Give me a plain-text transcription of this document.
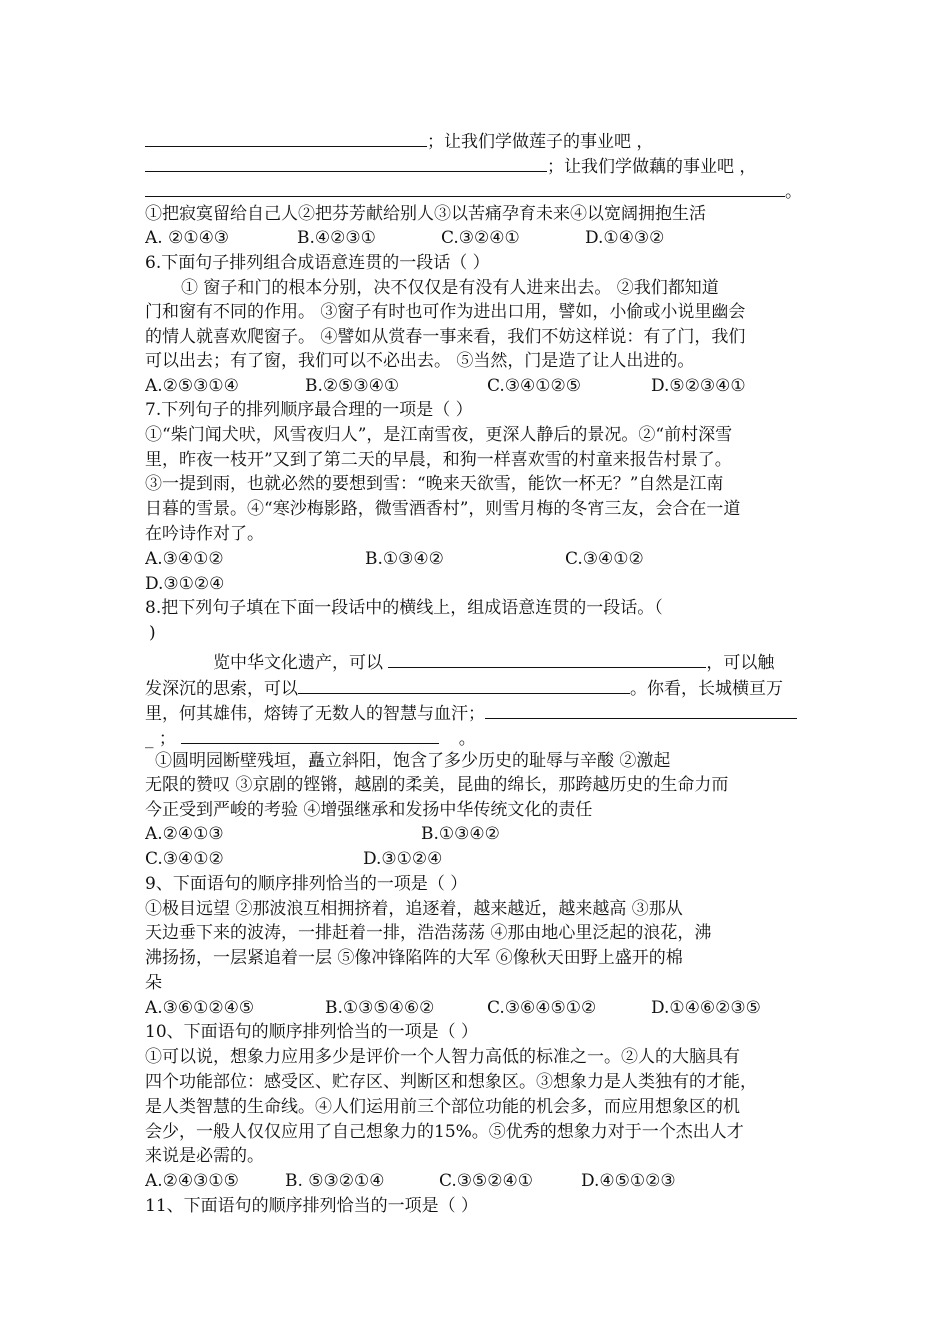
；让我们学做莲子的事业吧 ，
；让我们学做藕的事业吧 ，
。
①把寂寞留给自己人②把芬芳献给别人③以苦痛孕育未来④以宽阔拥抱生活
A. ②①④③	B.④②③①	C.③②④①	D.①④③②
6.下面句子排列组合成语意连贯的一段话（ ）
① 窗子和门的根本分别，决不仅仅是有没有人进来出去。 ②我们都知道
门和窗有不同的作用。 ③窗子有时也可作为进出口用，譬如，小偷或小说里幽会
的情人就喜欢爬窗子。 ④譬如从赏春一事来看，我们不妨这样说：有了门，我们
可以出去；有了窗，我们可以不必出去。 ⑤当然，门是造了让人出进的。
A.②⑤③①④	B.②⑤③④①	C.③④①②⑤	D.⑤②③④①
7.下列句子的排列顺序最合理的一项是（ ）
①“柴门闻犬吠，风雪夜归人”，是江南雪夜，更深人静后的景况。②“前村深雪
里，昨夜一枝开”又到了第二天的早晨，和狗一样喜欢雪的村童来报告村景了。
③一提到雨，也就必然的要想到雪：“晚来天欲雪，能饮一杯无？”自然是江南
日暮的雪景。④“寒沙梅影路，微雪酒香村”，则雪月梅的冬宵三友，会合在一道
在吟诗作对了。
A.③④①②	B.①③④②	C.③④①②
D.③①②④
8.把下列句子填在下面一段话中的横线上，组成语意连贯的一段话。（
)
览中华文化遗产，可以	，可以触
发深沉的思索，可以	。你看，长城横亘万
里，何其雄伟，熔铸了无数人的智慧与血汗；
_ ；	。
①圆明园断壁残垣，矗立斜阳，饱含了多少历史的耻辱与辛酸 ②激起
无限的赞叹 ③京剧的铿锵，越剧的柔美，昆曲的绵长，那跨越历史的生命力而
今正受到严峻的考验 ④增强继承和发扬中华传统文化的责任
A.②④①③	B.①③④②
C.③④①②	D.③①②④
9、下面语句的顺序排列恰当的一项是（ ）
①极目远望 ②那波浪互相拥挤着，追逐着，越来越近，越来越高 ③那从
天边垂下来的波涛，一排赶着一排，浩浩荡荡 ④那由地心里泛起的浪花，沸
沸扬扬，一层紧追着一层 ⑤像冲锋陷阵的大军 ⑥像秋天田野上盛开的棉
朵
A.③⑥①②④⑤	B.①③⑤④⑥②	C.③⑥④⑤①②	D.①④⑥②③⑤
10、下面语句的顺序排列恰当的一项是（ ）
①可以说，想象力应用多少是评价一个人智力高低的标准之一。②人的大脑具有
四个功能部位：感受区、贮存区、判断区和想象区。③想象力是人类独有的才能，
是人类智慧的生命线。④人们运用前三个部位功能的机会多，而应用想象区的机
会少，一般人仅仅应用了自己想象力的15%。⑤优秀的想象力对于一个杰出人才
来说是必需的。
A.②④③①⑤	B. ⑤③②①④	C.③⑤②④①	D.④⑤①②③
11、下面语句的顺序排列恰当的一项是（ ）
